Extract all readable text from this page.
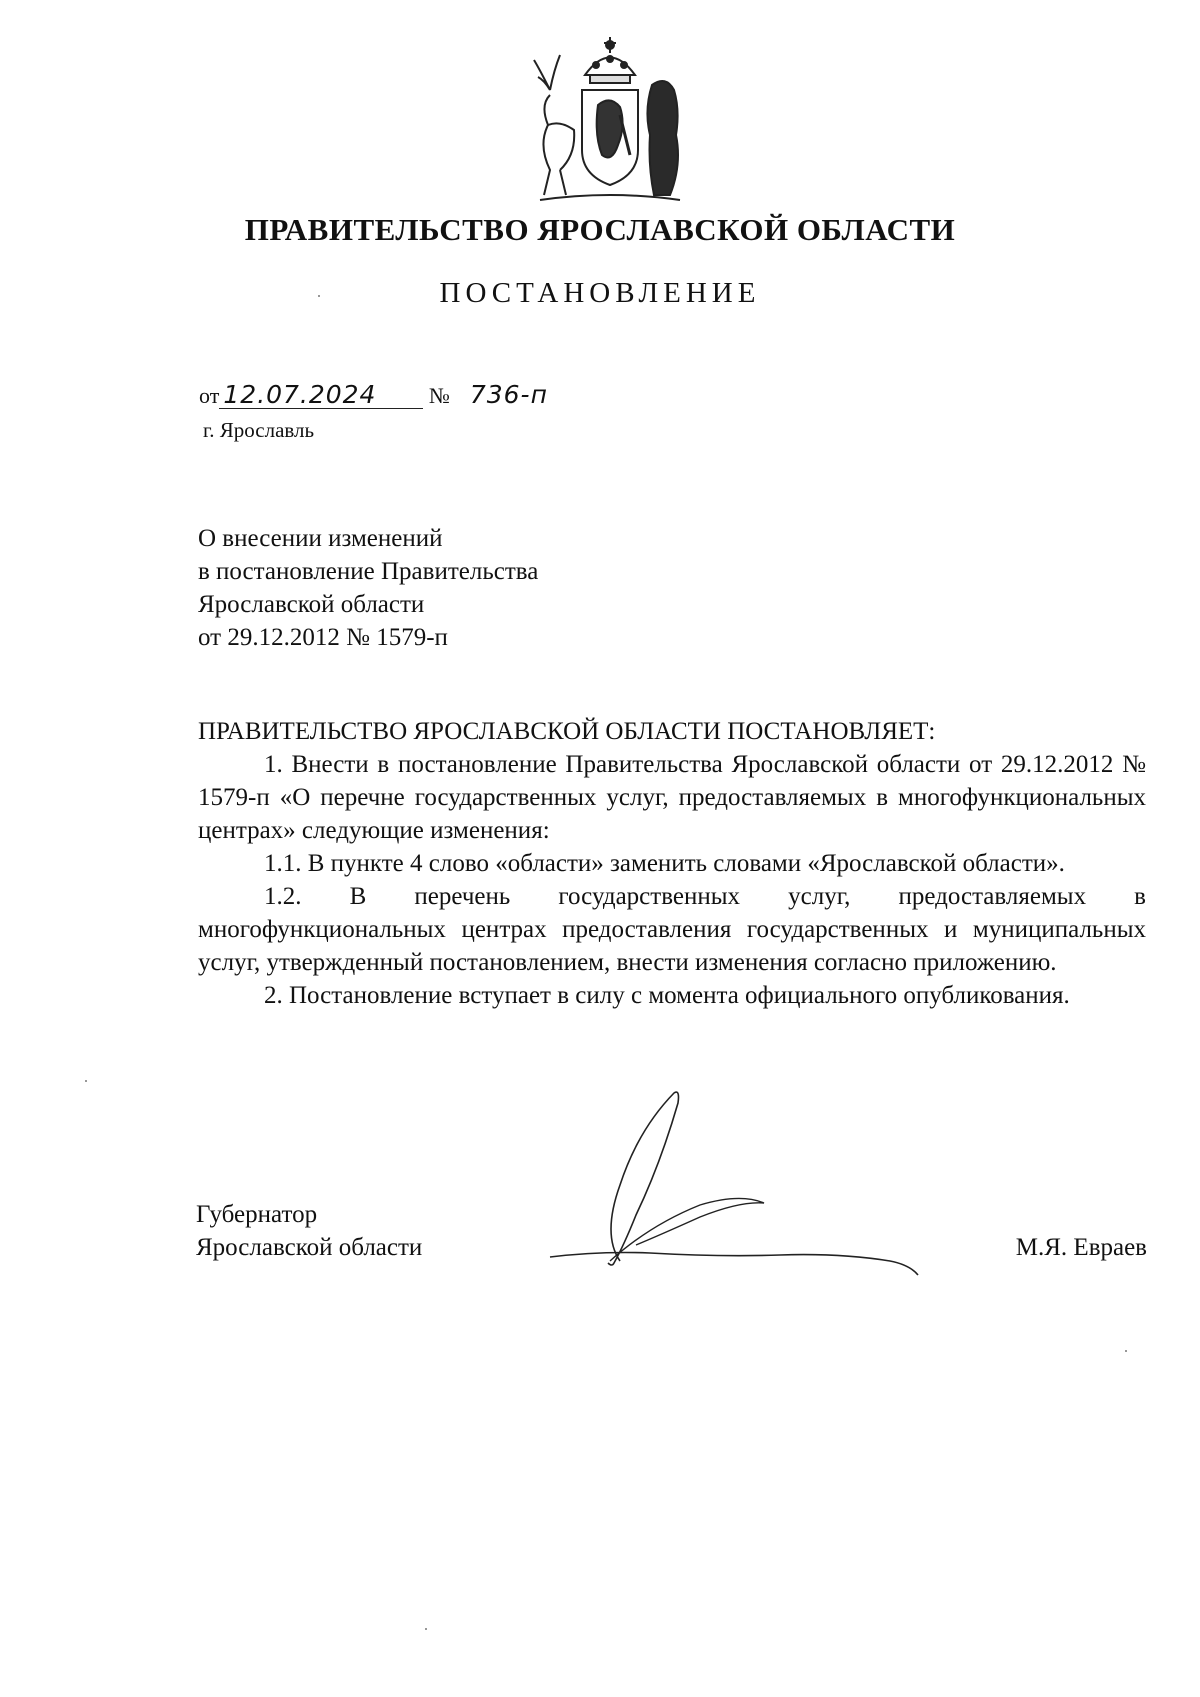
ПРАВИТЕЛЬСТВО ЯРОСЛАВСКОЙ ОБЛАСТИ
ПОСТАНОВЛЕНИЕ
от 12.07.2024 № 736-п
г. Ярославль
О внесении изменений
в постановление Правительства
Ярославской области
от 29.12.2012 № 1579-п

ПРАВИТЕЛЬСТВО ЯРОСЛАВСКОЙ ОБЛАСТИ ПОСТАНОВЛЯЕТ:

1. Внести в постановление Правительства Ярославской области от 29.12.2012 № 1579-п «О перечне государственных услуг, предоставляемых в многофункциональных центрах» следующие изменения:

1.1. В пункте 4 слово «области» заменить словами «Ярославской области».

1.2. В перечень государственных услуг, предоставляемых в многофункциональных центрах предоставления государственных и муниципальных услуг, утвержденный постановлением, внести изменения согласно приложению.

2. Постановление вступает в силу с момента официального опубликования.

Губернатор
Ярославской области	М.Я. Евраев
